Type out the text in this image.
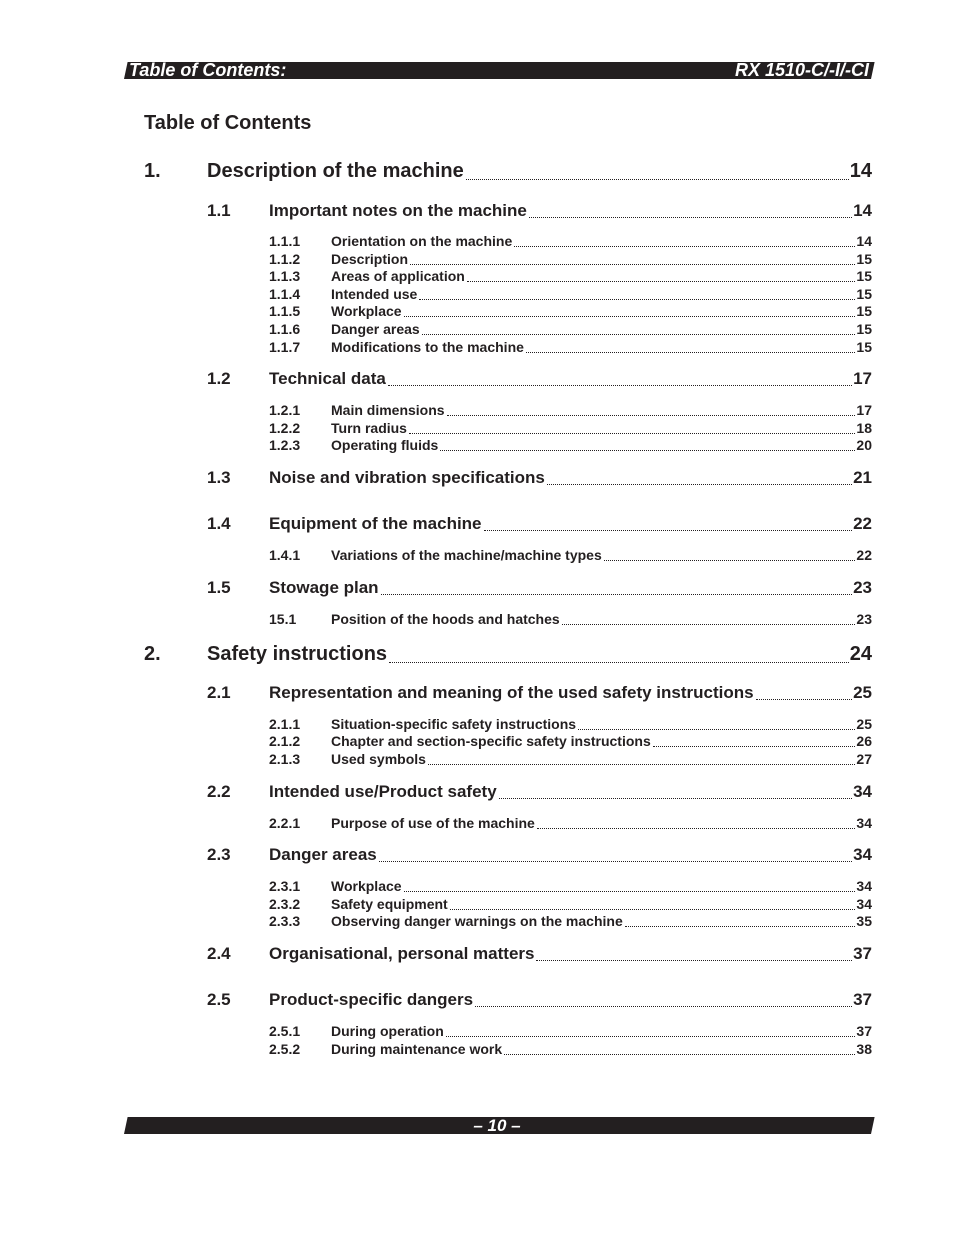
Table of Contents:	RX 1510-C/-I/-CI
Table of Contents
1.	Description of the machine	14
1.1	Important notes on the machine	14
1.1.1	Orientation on the machine	14
1.1.2	Description	15
1.1.3	Areas of application	15
1.1.4	Intended use	15
1.1.5	Workplace	15
1.1.6	Danger areas	15
1.1.7	Modifications to the machine	15
1.2	Technical data	17
1.2.1	Main dimensions	17
1.2.2	Turn radius	18
1.2.3	Operating fluids	20
1.3	Noise and vibration specifications	21
1.4	Equipment of the machine	22
1.4.1	Variations of the machine/machine types	22
1.5	Stowage plan	23
15.1	Position of the hoods and hatches	23
2.	Safety instructions	24
2.1	Representation and meaning of the used safety instructions	25
2.1.1	Situation-specific safety instructions	25
2.1.2	Chapter and section-specific safety instructions	26
2.1.3	Used symbols	27
2.2	Intended use/Product safety	34
2.2.1	Purpose of use of the machine	34
2.3	Danger areas	34
2.3.1	Workplace	34
2.3.2	Safety equipment	34
2.3.3	Observing danger warnings on the machine	35
2.4	Organisational, personal matters	37
2.5	Product-specific dangers	37
2.5.1	During operation	37
2.5.2	During maintenance work	38
– 10 –
